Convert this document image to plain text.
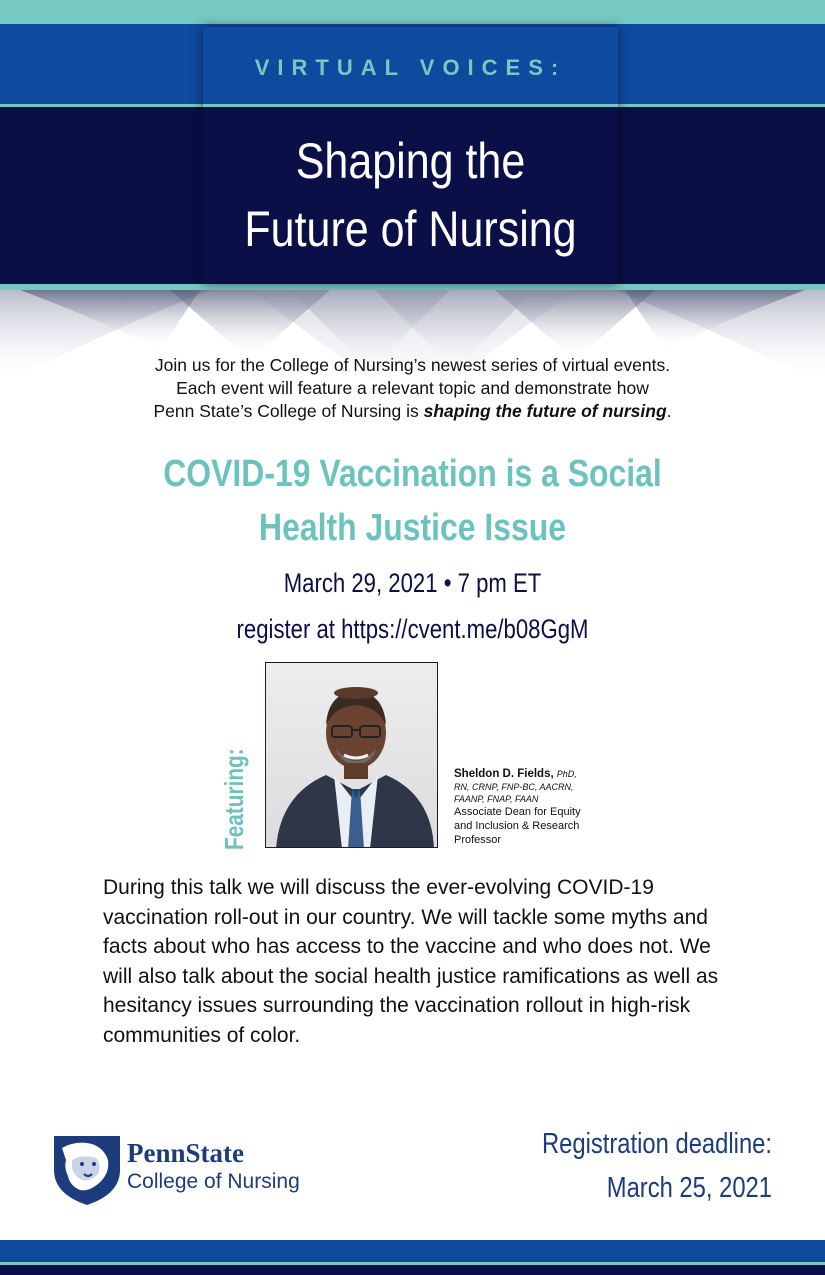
VIRTUAL VOICES:
Shaping the
Future of Nursing
Join us for the College of Nursing’s newest series of virtual events.
Each event will feature a relevant topic and demonstrate how
Penn State’s College of Nursing is shaping the future of nursing.
COVID-19 Vaccination is a Social
Health Justice Issue
March 29, 2021 • 7 pm ET
register at https://cvent.me/b08GgM
Featuring:	Sheldon D. Fields, PhD,
RN, CRNP, FNP-BC, AACRN,
FAANP, FNAP, FAAN
Associate Dean for Equity
and Inclusion & Research
Professor
During this talk we will discuss the ever-evolving COVID-19 vaccination roll-out in our country. We will tackle some myths and facts about who has access to the vaccine and who does not. We will also talk about the social health justice ramifications as well as hesitancy issues surrounding the vaccination rollout in high-risk communities of color.
PennState
College of Nursing
Registration deadline:
March 25, 2021
